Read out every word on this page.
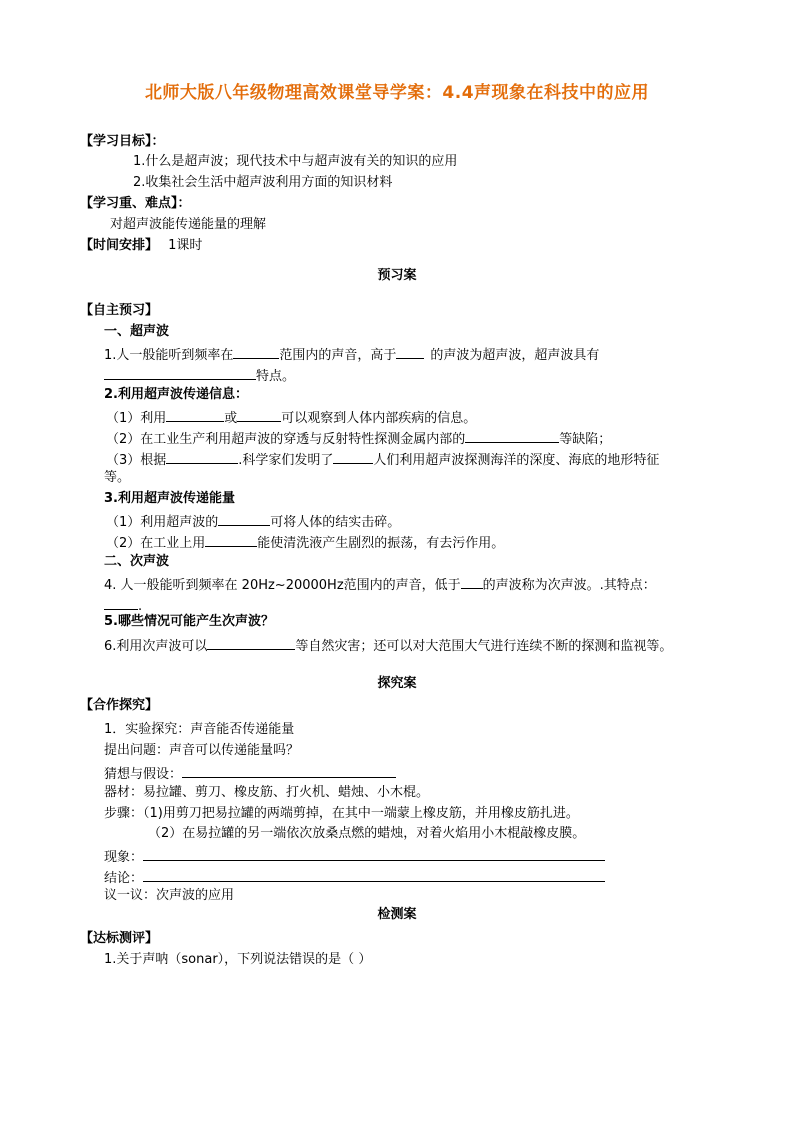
北师大版八年级物理高效课堂导学案：4.4声现象在科技中的应用
【学习目标】：
1.什么是超声波；现代技术中与超声波有关的知识的应用
2.收集社会生活中超声波利用方面的知识材料
【学习重、难点】：
对超声波能传递能量的理解
【时间安排】 1课时
预习案
【自主预习】
一、超声波
1.人一般能听到频率在	范围内的声音，高于	的声波为超声波，超声波具有
特点。
2.利用超声波传递信息：
（1）利用	或	可以观察到人体内部疾病的信息。
（2）在工业生产利用超声波的穿透与反射特性探测金属内部的	等缺陷；
（3）根据	.科学家们发明了	人们利用超声波探测海洋的深度、海底的地形特征
等。
3.利用超声波传递能量
（1）利用超声波的	可将人体的结实击碎。
（2）在工业上用	能使清洗液产生剧烈的振荡，有去污作用。
二、次声波
4. 人一般能听到频率在 20Hz~20000Hz范围内的声音，低于 的声波称为次声波。.其特点：
.
5.哪些情况可能产生次声波？
6.利用次声波可以	等自然灾害；还可以对大范围大气进行连续不断的探测和监视等。
探究案
【合作探究】
1．实验探究：声音能否传递能量
提出问题：声音可以传递能量吗？
猜想与假设：
器材：易拉罐、剪刀、橡皮筋、打火机、蜡烛、小木棍。
步骤：（1)用剪刀把易拉罐的两端剪掉，在其中一端蒙上橡皮筋，并用橡皮筋扎进。
（2）在易拉罐的另一端依次放桑点燃的蜡烛，对着火焰用小木棍敲橡皮膜。
现象：
结论：
议一议：次声波的应用
检测案
【达标测评】
1.关于声呐（sonar），下列说法错误的是（ ）
